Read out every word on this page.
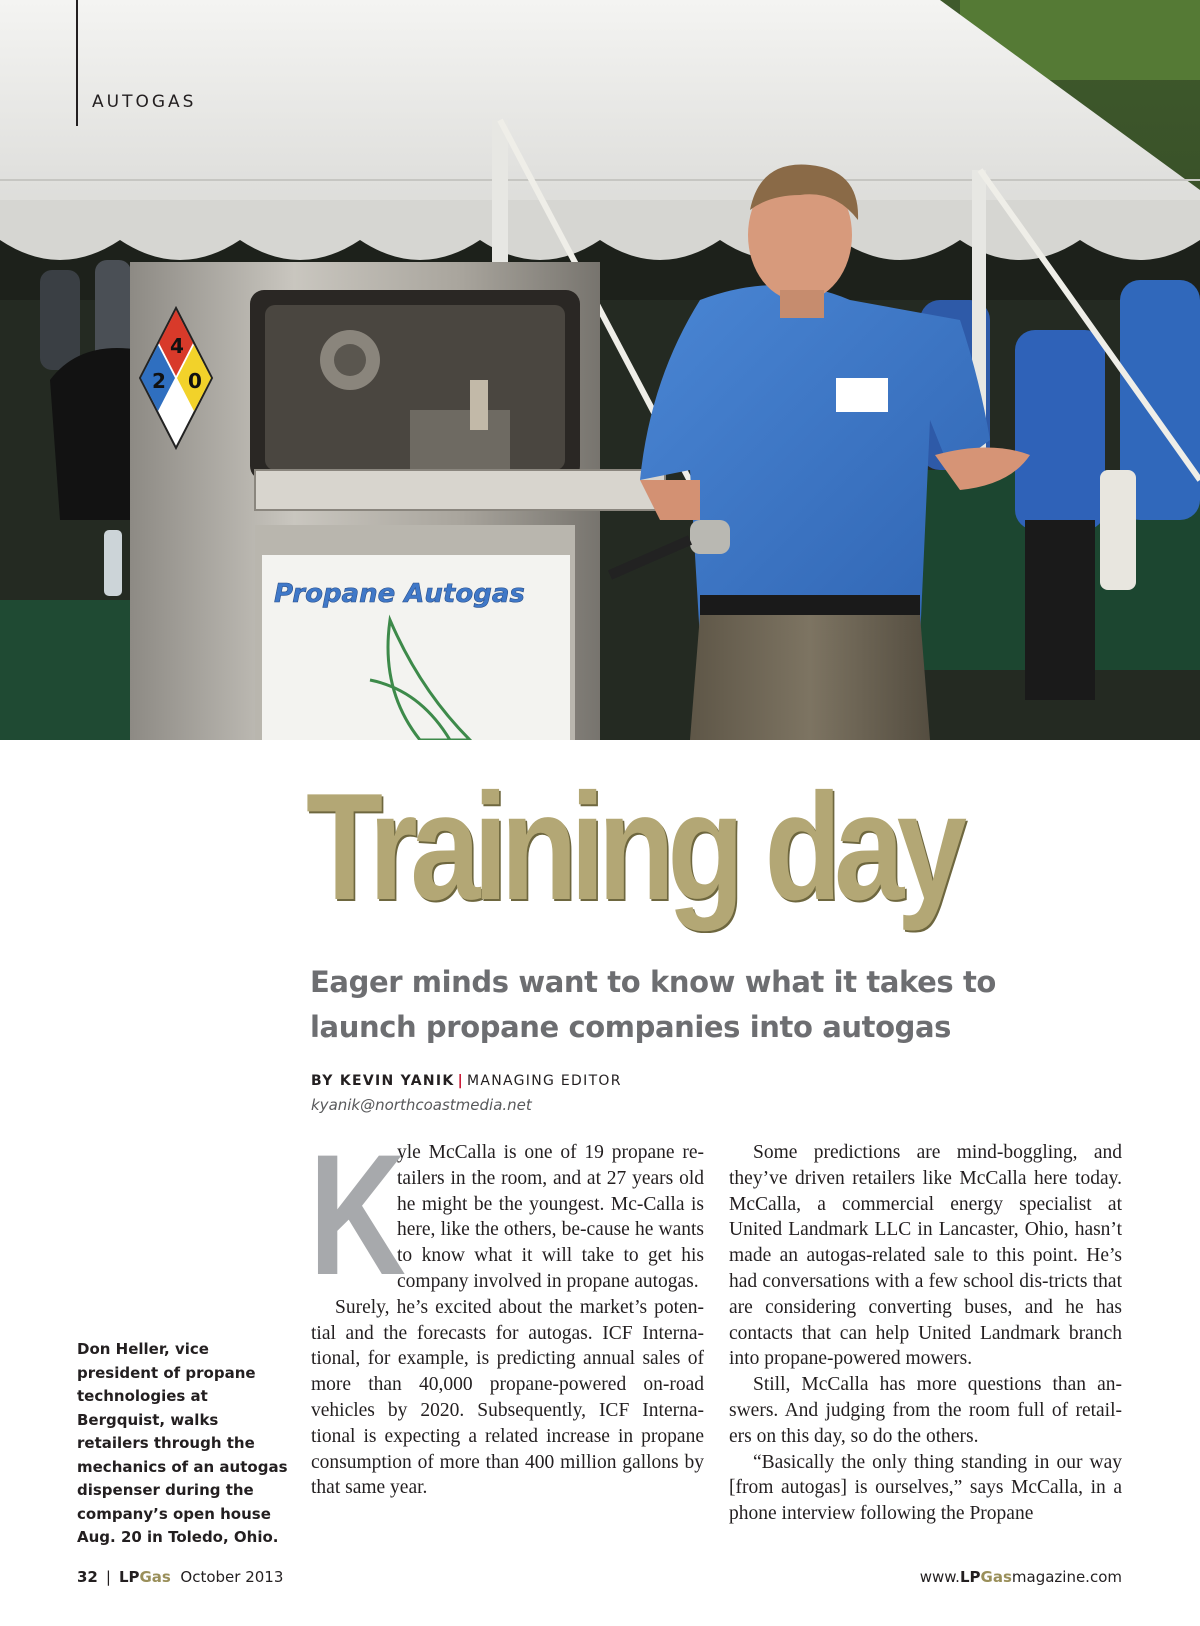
Propane Autogas
4
2 0
AUTOGAS
Training day
Eager minds want to know what it takes to launch propane companies into autogas
BY KEVIN YANIK | MANAGING EDITOR
kyanik@northcoastmedia.net
Don Heller, vice president of propane technologies at Bergquist, walks retailers through the mechanics of an autogas dispenser during the company’s open house Aug. 20 in Toledo, Ohio.

K
yle McCalla is one of 19 propane re-tailers in the room, and at 27 years old he might be the youngest. Mc-Calla is here, like the others, be-cause he wants to know what it will take to get his company involved in propane autogas.

Surely, he’s excited about the market’s poten-tial and the forecasts for autogas. ICF Interna-tional, for example, is predicting annual sales of more than 40,000 propane-powered on-road vehicles by 2020. Subsequently, ICF Interna-tional is expecting a related increase in propane consumption of more than 400 million gallons by that same year.

Some predictions are mind-boggling, and they’ve driven retailers like McCalla here today. McCalla, a commercial energy specialist at United Landmark LLC in Lancaster, Ohio, hasn’t made an autogas-related sale to this point. He’s had conversations with a few school dis-tricts that are considering converting buses, and he has contacts that can help United Landmark branch into propane-powered mowers.

Still, McCalla has more questions than an-swers. And judging from the room full of retail-ers on this day, so do the others.

“Basically the only thing standing in our way [from autogas] is ourselves,” says McCalla, in a phone interview following the Propane

32 | LPGas October 2013	www.LPGasmagazine.com
